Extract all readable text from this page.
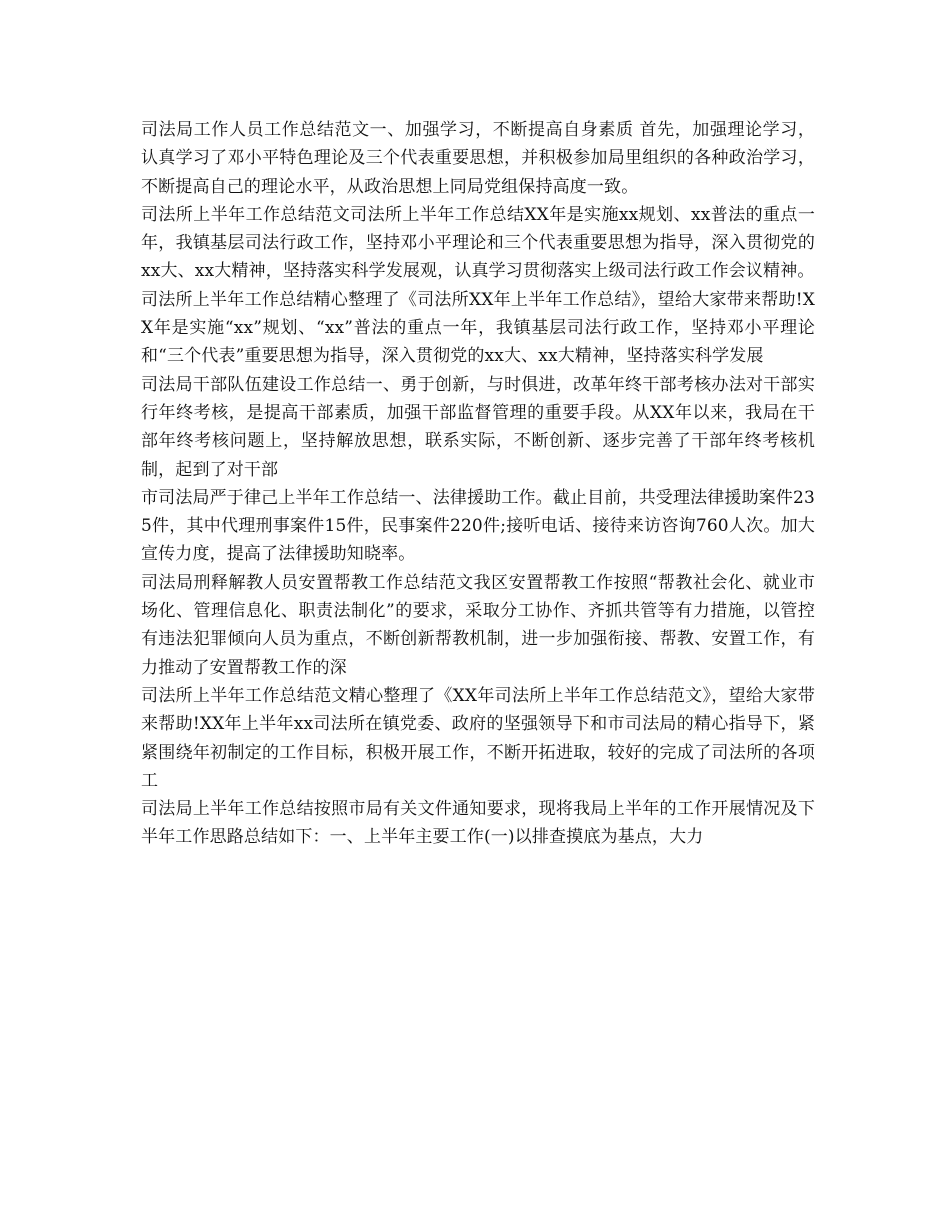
司法局工作人员工作总结范文一、加强学习，不断提高自身素质 首先，加强理论学习，认真学习了邓小平特色理论及三个代表重要思想，并积极参加局里组织的各种政治学习，不断提高自己的理论水平，从政治思想上同局党组保持高度一致。

司法所上半年工作总结范文司法所上半年工作总结XX年是实施xx规划、xx普法的重点一年，我镇基层司法行政工作，坚持邓小平理论和三个代表重要思想为指导，深入贯彻党的xx大、xx大精神，坚持落实科学发展观，认真学习贯彻落实上级司法行政工作会议精神。

司法所上半年工作总结精心整理了《司法所XX年上半年工作总结》，望给大家带来帮助!XX年是实施“xx”规划、“xx”普法的重点一年，我镇基层司法行政工作，坚持邓小平理论和“三个代表”重要思想为指导，深入贯彻党的xx大、xx大精神，坚持落实科学发展

司法局干部队伍建设工作总结一、勇于创新，与时俱进，改革年终干部考核办法对干部实行年终考核，是提高干部素质，加强干部监督管理的重要手段。从XX年以来，我局在干部年终考核问题上，坚持解放思想，联系实际，不断创新、逐步完善了干部年终考核机制，起到了对干部

市司法局严于律己上半年工作总结一、法律援助工作。截止目前，共受理法律援助案件235件，其中代理刑事案件15件，民事案件220件;接听电话、接待来访咨询760人次。加大宣传力度，提高了法律援助知晓率。

司法局刑释解教人员安置帮教工作总结范文我区安置帮教工作按照“帮教社会化、就业市场化、管理信息化、职责法制化”的要求，采取分工协作、齐抓共管等有力措施，以管控有违法犯罪倾向人员为重点，不断创新帮教机制，进一步加强衔接、帮教、安置工作，有力推动了安置帮教工作的深

司法所上半年工作总结范文精心整理了《XX年司法所上半年工作总结范文》，望给大家带来帮助!XX年上半年xx司法所在镇党委、政府的坚强领导下和市司法局的精心指导下，紧紧围绕年初制定的工作目标，积极开展工作，不断开拓进取，较好的完成了司法所的各项工

司法局上半年工作总结按照市局有关文件通知要求，现将我局上半年的工作开展情况及下半年工作思路总结如下：一、上半年主要工作(一)以排查摸底为基点，大力
